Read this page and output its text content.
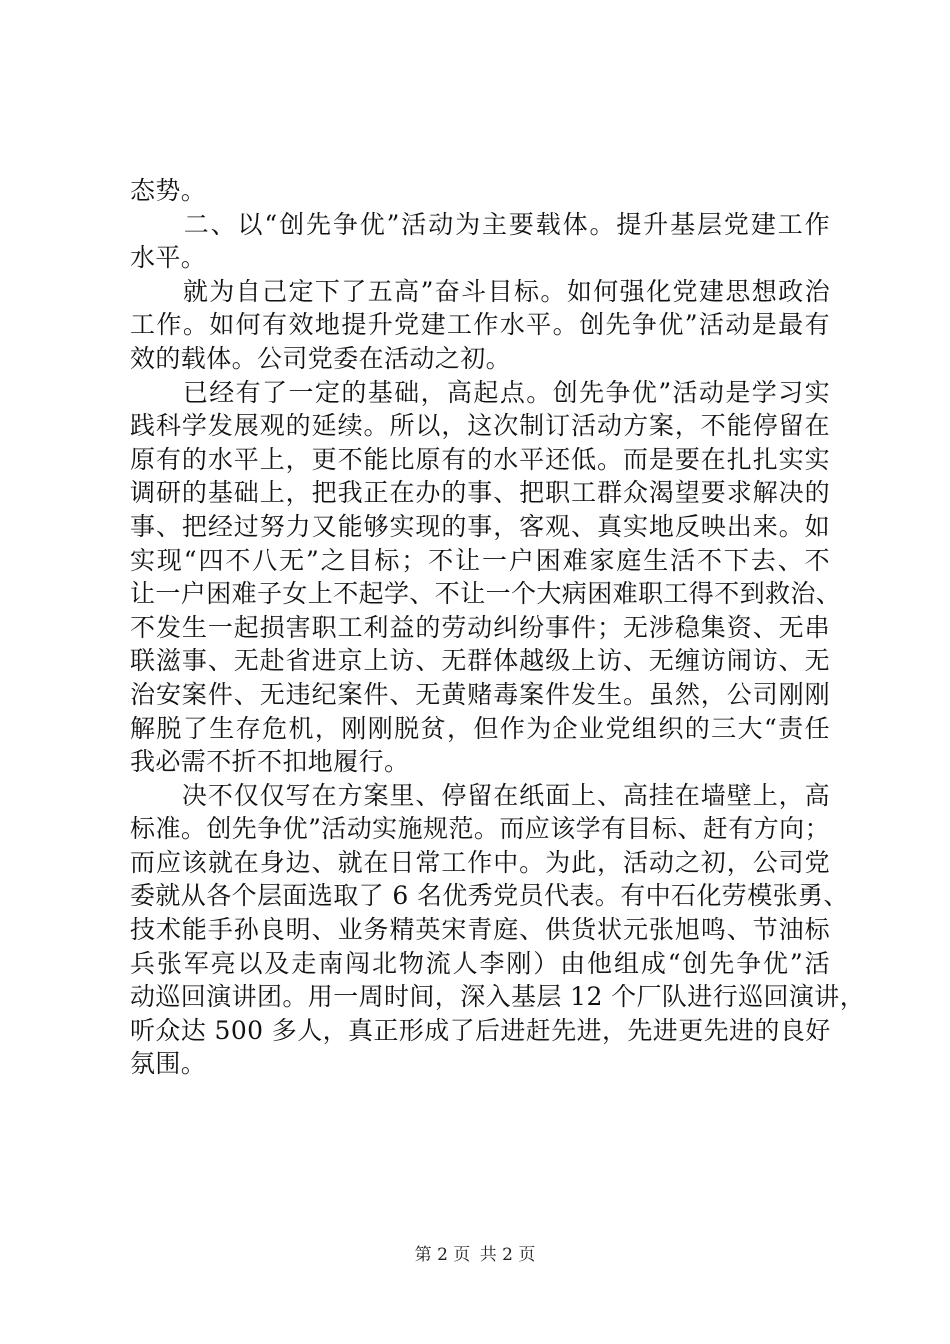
态势。
　　二、以“创先争优”活动为主要载体。提升基层党建工作
水平。
　　就为自己定下了五高”奋斗目标。如何强化党建思想政治
工作。如何有效地提升党建工作水平。创先争优”活动是最有
效的载体。公司党委在活动之初。
　　已经有了一定的基础，高起点。创先争优”活动是学习实
践科学发展观的延续。所以，这次制订活动方案，不能停留在
原有的水平上，更不能比原有的水平还低。而是要在扎扎实实
调研的基础上，把我正在办的事、把职工群众渴望要求解决的
事、把经过努力又能够实现的事，客观、真实地反映出来。如
实现“四不八无”之目标；不让一户困难家庭生活不下去、不
让一户困难子女上不起学、不让一个大病困难职工得不到救治、
不发生一起损害职工利益的劳动纠纷事件；无涉稳集资、无串
联滋事、无赴省进京上访、无群体越级上访、无缠访闹访、无
治安案件、无违纪案件、无黄赌毒案件发生。虽然，公司刚刚
解脱了生存危机，刚刚脱贫，但作为企业党组织的三大“责任
我必需不折不扣地履行。
　　决不仅仅写在方案里、停留在纸面上、高挂在墙壁上，高
标准。创先争优”活动实施规范。而应该学有目标、赶有方向；
而应该就在身边、就在日常工作中。为此，活动之初，公司党
委就从各个层面选取了 6 名优秀党员代表。有中石化劳模张勇、
技术能手孙良明、业务精英宋青庭、供货状元张旭鸣、节油标
兵张军亮以及走南闯北物流人李刚）由他组成“创先争优”活
动巡回演讲团。用一周时间，深入基层 12 个厂队进行巡回演讲，
听众达 500 多人，真正形成了后进赶先进，先进更先进的良好
氛围。
第 2 页 共 2 页
